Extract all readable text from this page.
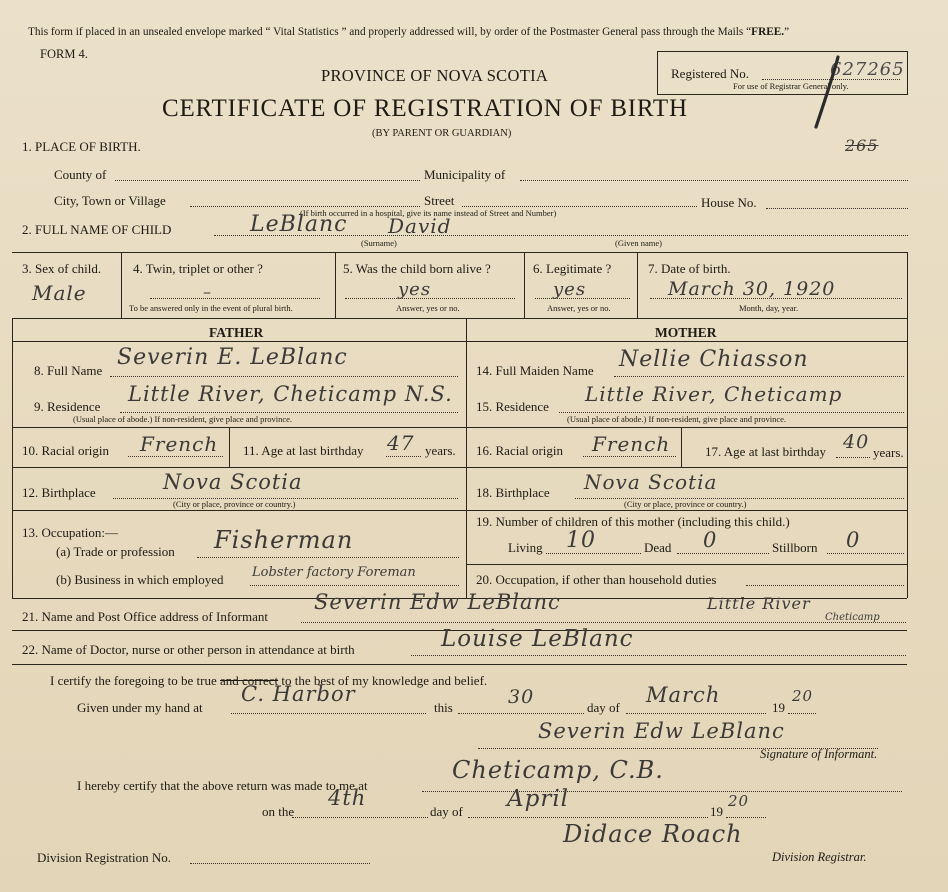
This form if placed in an unsealed envelope marked “ Vital Statistics ” and properly addressed will, by order of the Postmaster General pass through the Mails “FREE.”
FORM 4.
Registered No.	627265
For use of Registrar General only.
PROVINCE OF NOVA SCOTIA
CERTIFICATE OF REGISTRATION OF BIRTH
(BY PARENT OR GUARDIAN)
265
1. PLACE OF BIRTH.
County of	Municipality of
City, Town or Village	Street	House No.
(If birth occurred in a hospital, give its name instead of Street and Number)
2. FULL NAME OF CHILD	LeBlanc David
(Surname)	(Given name)
3. Sex of child.
Male
4. Twin, triplet or other ?
–
To be answered only in the event of plural birth.
5. Was the child born alive ?
yes
Answer, yes or no.
6. Legitimate ?
yes
Answer, yes or no.
7. Date of birth.
March 30, 1920
Month, day, year.
FATHER	MOTHER
8. Full Name
Severin E. LeBlanc
9. Residence
Little River, Cheticamp N.S.
(Usual place of abode.) If non-resident, give place and province.
10. Racial origin French 11. Age at last birthday 47 years.
12. Birthplace	Nova Scotia
(City or place, province or country.)
13. Occupation:—
(a) Trade or profession Fisherman
(b) Business in which employed Lobster factory Foreman
14. Full Maiden Name Nellie Chiasson
15. Residence
Little River, Cheticamp
(Usual place of abode.) If non-resident, give place and province.
16. Racial origin French	17. Age at last birthday 40 years.
18. Birthplace Nova Scotia
(City or place, province or country.)
19. Number of children of this mother (including this child.)
Living 10	Dead 0	Stillborn 0
20. Occupation, if other than household duties
21. Name and Post Office address of Informant
Severin Edw LeBlanc	Little River
Cheticamp
22. Name of Doctor, nurse or other person in attendance at birth	Louise LeBlanc
I certify the foregoing to be true and correct to the best of my knowledge and belief.
Given under my hand at
C. Harbor
this	30	day of
March
19
20
Severin Edw LeBlanc
Signature of Informant.
I hereby certify that the above return was made to me at
Cheticamp, C.B.
on the
4th
day of April	19
20
Didace Roach
Division Registrar.
Division Registration No.
